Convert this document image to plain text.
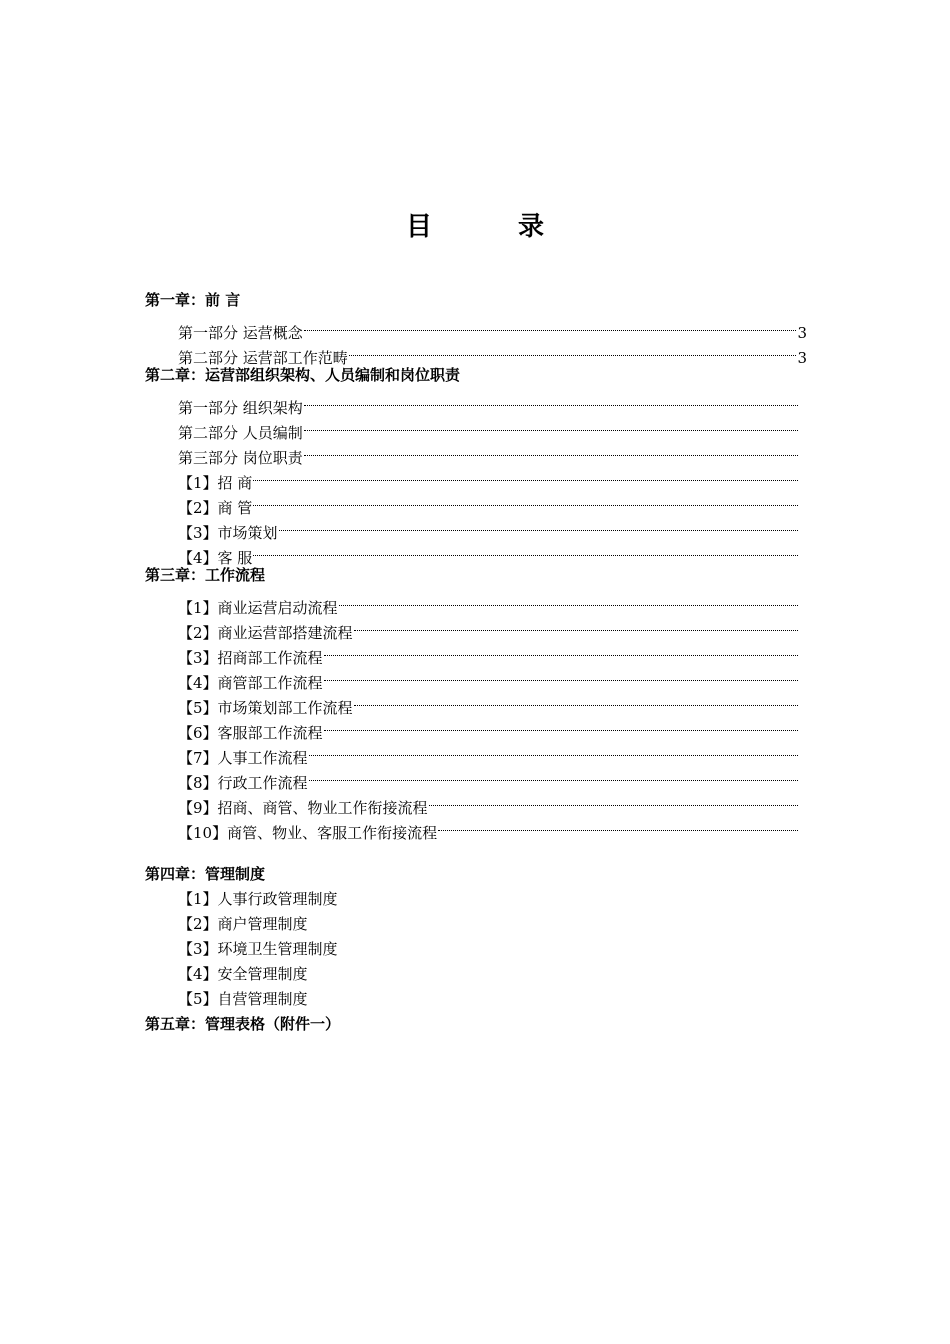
目　录
第一章：前 言
第一部分 运营概念	3
第二部分 运营部工作范畴	3
第二章：运营部组织架构、人员编制和岗位职责
第一部分 组织架构
第二部分 人员编制
第三部分 岗位职责
【1】招 商
【2】商 管
【3】市场策划
【4】客 服
第三章：工作流程
【1】商业运营启动流程
【2】商业运营部搭建流程
【3】招商部工作流程
【4】商管部工作流程
【5】市场策划部工作流程
【6】客服部工作流程
【7】人事工作流程
【8】行政工作流程
【9】招商、商管、物业工作衔接流程
【10】商管、物业、客服工作衔接流程
第四章：管理制度
【1】人事行政管理制度
【2】商户管理制度
【3】环境卫生管理制度
【4】安全管理制度
【5】自营管理制度
第五章：管理表格（附件一）
